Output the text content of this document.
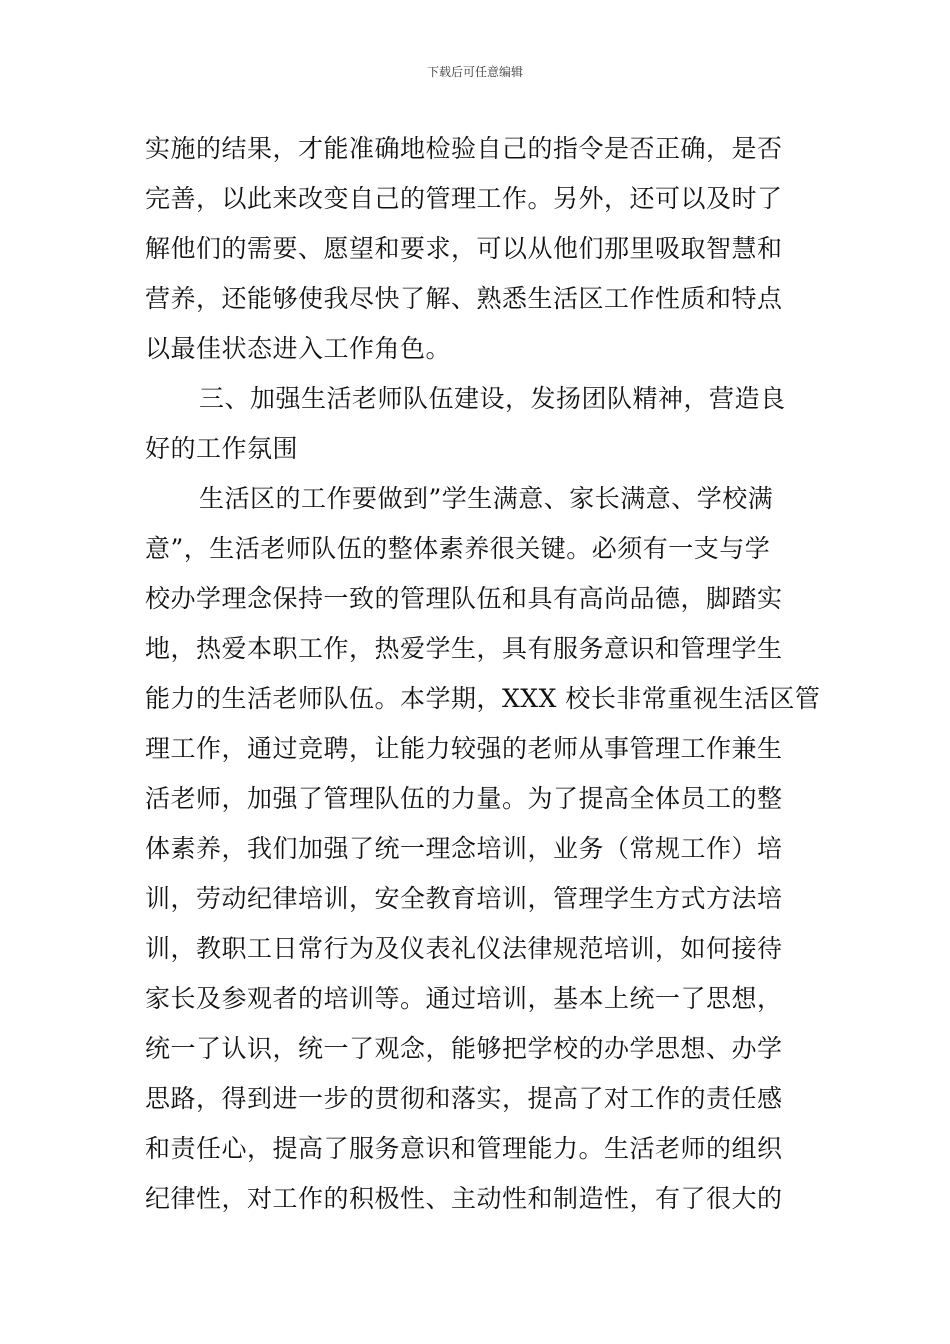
下载后可任意编辑
实施的结果，才能准确地检验自己的指令是否正确，是否
完善，以此来改变自己的管理工作。另外，还可以及时了
解他们的需要、愿望和要求，可以从他们那里吸取智慧和
营养，还能够使我尽快了解、熟悉生活区工作性质和特点
以最佳状态进入工作角色。
三、加强生活老师队伍建设，发扬团队精神，营造良
好的工作氛围
生活区的工作要做到”学生满意、家长满意、学校满
意”，生活老师队伍的整体素养很关键。必须有一支与学
校办学理念保持一致的管理队伍和具有高尚品德，脚踏实
地，热爱本职工作，热爱学生，具有服务意识和管理学生
能力的生活老师队伍。本学期，XXX 校长非常重视生活区管
理工作，通过竞聘，让能力较强的老师从事管理工作兼生
活老师，加强了管理队伍的力量。为了提高全体员工的整
体素养，我们加强了统一理念培训，业务（常规工作）培
训，劳动纪律培训，安全教育培训，管理学生方式方法培
训，教职工日常行为及仪表礼仪法律规范培训，如何接待
家长及参观者的培训等。通过培训，基本上统一了思想，
统一了认识，统一了观念，能够把学校的办学思想、办学
思路，得到进一步的贯彻和落实，提高了对工作的责任感
和责任心，提高了服务意识和管理能力。生活老师的组织
纪律性，对工作的积极性、主动性和制造性，有了很大的
